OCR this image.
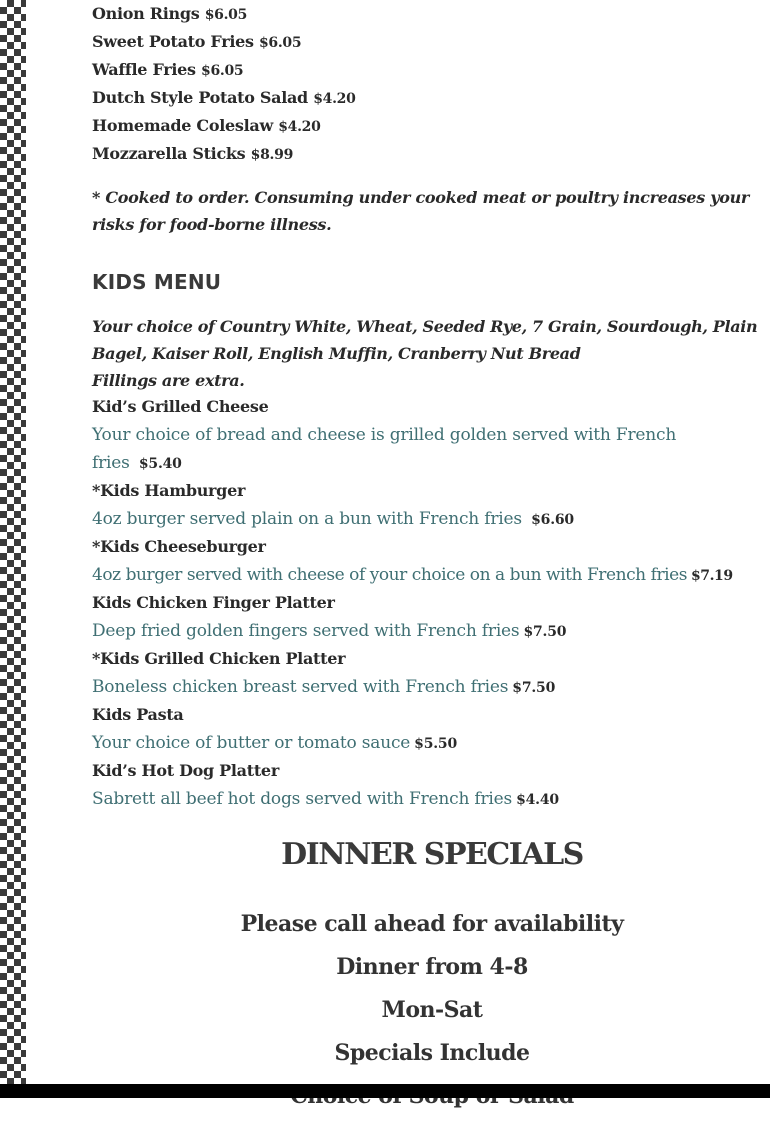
Onion Rings $6.05
Sweet Potato Fries $6.05
Waffle Fries $6.05
Dutch Style Potato Salad $4.20
Homemade Coleslaw $4.20
Mozzarella Sticks $8.99
* Cooked to order. Consuming under cooked meat or poultry increases your risks for food-borne illness.
KIDS MENU
Your choice of Country White, Wheat, Seeded Rye, 7 Grain, Sourdough, Plain Bagel, Kaiser Roll, English Muffin, Cranberry Nut Bread
Fillings are extra.
Kid’s Grilled Cheese
Your choice of bread and cheese is grilled golden served with French
fries $5.40
*Kids Hamburger
4oz burger served plain on a bun with French fries $6.60
*Kids Cheeseburger
4oz burger served with cheese of your choice on a bun with French fries $7.19
Kids Chicken Finger Platter
Deep fried golden fingers served with French fries $7.50
*Kids Grilled Chicken Platter
Boneless chicken breast served with French fries $7.50
Kids Pasta
Your choice of butter or tomato sauce $5.50
Kid’s Hot Dog Platter
Sabrett all beef hot dogs served with French fries $4.40
DINNER SPECIALS
Please call ahead for availability
Dinner from 4-8
Mon-Sat
Specials Include
